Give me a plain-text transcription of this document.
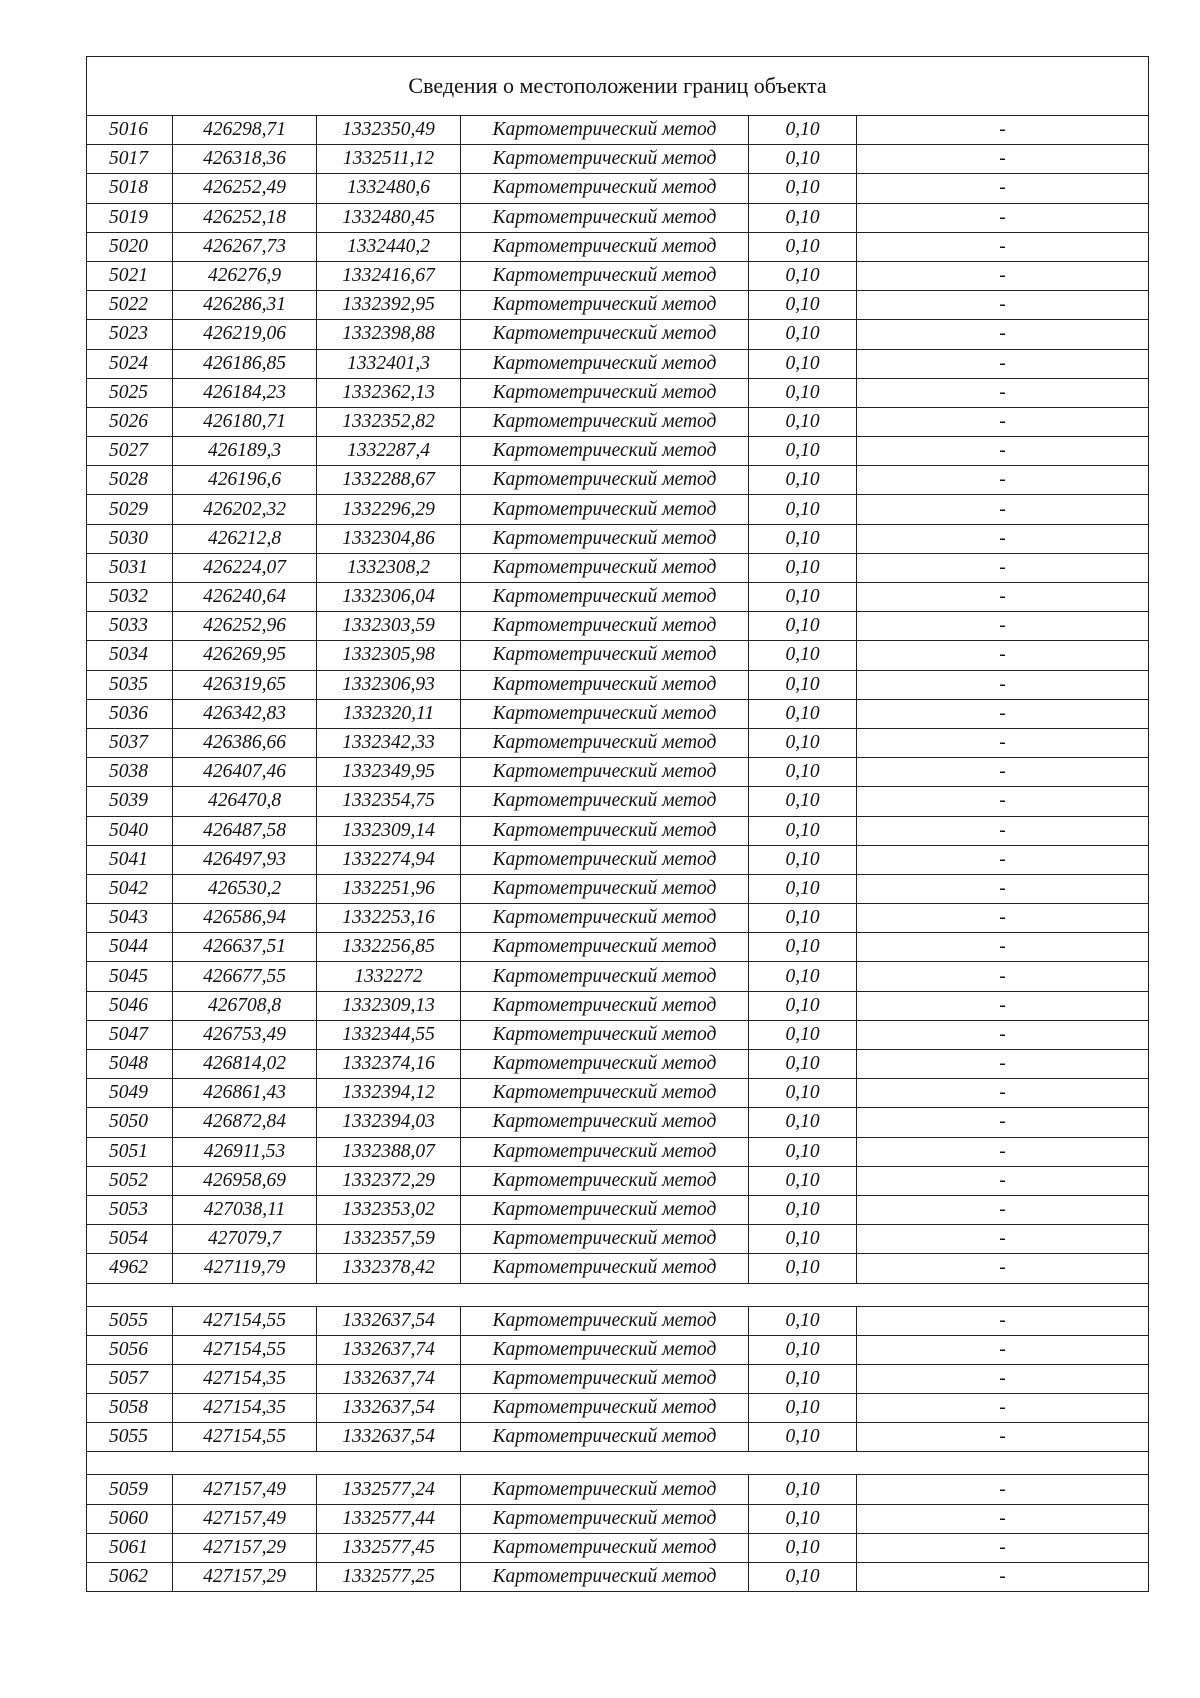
Сведения о местоположении границ объекта					
5016	426298,71	1332350,49	Картометрический метод	0,10	-
5017	426318,36	1332511,12	Картометрический метод	0,10	-
5018	426252,49	1332480,6	Картометрический метод	0,10	-
5019	426252,18	1332480,45	Картометрический метод	0,10	-
5020	426267,73	1332440,2	Картометрический метод	0,10	-
5021	426276,9	1332416,67	Картометрический метод	0,10	-
5022	426286,31	1332392,95	Картометрический метод	0,10	-
5023	426219,06	1332398,88	Картометрический метод	0,10	-
5024	426186,85	1332401,3	Картометрический метод	0,10	-
5025	426184,23	1332362,13	Картометрический метод	0,10	-
5026	426180,71	1332352,82	Картометрический метод	0,10	-
5027	426189,3	1332287,4	Картометрический метод	0,10	-
5028	426196,6	1332288,67	Картометрический метод	0,10	-
5029	426202,32	1332296,29	Картометрический метод	0,10	-
5030	426212,8	1332304,86	Картометрический метод	0,10	-
5031	426224,07	1332308,2	Картометрический метод	0,10	-
5032	426240,64	1332306,04	Картометрический метод	0,10	-
5033	426252,96	1332303,59	Картометрический метод	0,10	-
5034	426269,95	1332305,98	Картометрический метод	0,10	-
5035	426319,65	1332306,93	Картометрический метод	0,10	-
5036	426342,83	1332320,11	Картометрический метод	0,10	-
5037	426386,66	1332342,33	Картометрический метод	0,10	-
5038	426407,46	1332349,95	Картометрический метод	0,10	-
5039	426470,8	1332354,75	Картометрический метод	0,10	-
5040	426487,58	1332309,14	Картометрический метод	0,10	-
5041	426497,93	1332274,94	Картометрический метод	0,10	-
5042	426530,2	1332251,96	Картометрический метод	0,10	-
5043	426586,94	1332253,16	Картометрический метод	0,10	-
5044	426637,51	1332256,85	Картометрический метод	0,10	-
5045	426677,55	1332272	Картометрический метод	0,10	-
5046	426708,8	1332309,13	Картометрический метод	0,10	-
5047	426753,49	1332344,55	Картометрический метод	0,10	-
5048	426814,02	1332374,16	Картометрический метод	0,10	-
5049	426861,43	1332394,12	Картометрический метод	0,10	-
5050	426872,84	1332394,03	Картометрический метод	0,10	-
5051	426911,53	1332388,07	Картометрический метод	0,10	-
5052	426958,69	1332372,29	Картометрический метод	0,10	-
5053	427038,11	1332353,02	Картометрический метод	0,10	-
5054	427079,7	1332357,59	Картометрический метод	0,10	-
4962	427119,79	1332378,42	Картометрический метод	0,10	-

5055	427154,55	1332637,54	Картометрический метод	0,10	-
5056	427154,55	1332637,74	Картометрический метод	0,10	-
5057	427154,35	1332637,74	Картометрический метод	0,10	-
5058	427154,35	1332637,54	Картометрический метод	0,10	-
5055	427154,55	1332637,54	Картометрический метод	0,10	-

5059	427157,49	1332577,24	Картометрический метод	0,10	-
5060	427157,49	1332577,44	Картометрический метод	0,10	-
5061	427157,29	1332577,45	Картометрический метод	0,10	-
5062	427157,29	1332577,25	Картометрический метод	0,10	-
